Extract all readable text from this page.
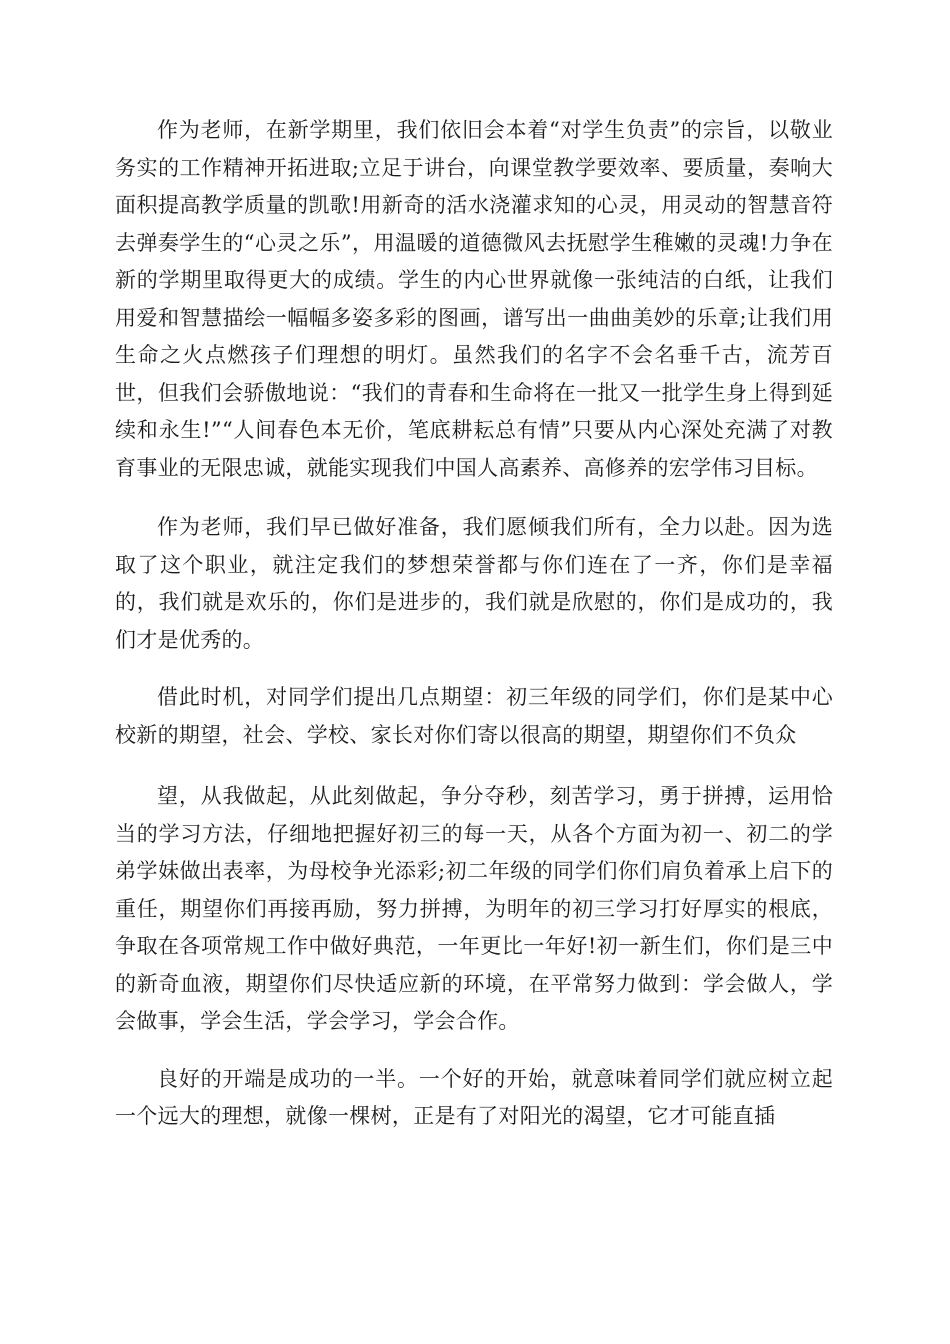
作为老师，在新学期里，我们依旧会本着“对学生负责”的宗旨，以敬业务实的工作精神开拓进取;立足于讲台，向课堂教学要效率、要质量，奏响大面积提高教学质量的凯歌!用新奇的活水浇灌求知的心灵，用灵动的智慧音符去弹奏学生的“心灵之乐”，用温暖的道德微风去抚慰学生稚嫩的灵魂!力争在新的学期里取得更大的成绩。学生的内心世界就像一张纯洁的白纸，让我们用爱和智慧描绘一幅幅多姿多彩的图画，谱写出一曲曲美妙的乐章;让我们用生命之火点燃孩子们理想的明灯。虽然我们的名字不会名垂千古，流芳百世，但我们会骄傲地说：“我们的青春和生命将在一批又一批学生身上得到延续和永生!”“人间春色本无价，笔底耕耘总有情”只要从内心深处充满了对教育事业的无限忠诚，就能实现我们中国人高素养、高修养的宏学伟习目标。

作为老师，我们早已做好准备，我们愿倾我们所有，全力以赴。因为选取了这个职业，就注定我们的梦想荣誉都与你们连在了一齐，你们是幸福的，我们就是欢乐的，你们是进步的，我们就是欣慰的，你们是成功的，我们才是优秀的。

借此时机，对同学们提出几点期望：初三年级的同学们，你们是某中心校新的期望，社会、学校、家长对你们寄以很高的期望，期望你们不负众

望，从我做起，从此刻做起，争分夺秒，刻苦学习，勇于拼搏，运用恰当的学习方法，仔细地把握好初三的每一天，从各个方面为初一、初二的学弟学妹做出表率，为母校争光添彩;初二年级的同学们你们肩负着承上启下的重任，期望你们再接再励，努力拼搏，为明年的初三学习打好厚实的根底，争取在各项常规工作中做好典范，一年更比一年好!初一新生们，你们是三中的新奇血液，期望你们尽快适应新的环境，在平常努力做到：学会做人，学会做事，学会生活，学会学习，学会合作。

良好的开端是成功的一半。一个好的开始，就意味着同学们就应树立起一个远大的理想，就像一棵树，正是有了对阳光的渴望，它才可能直插
